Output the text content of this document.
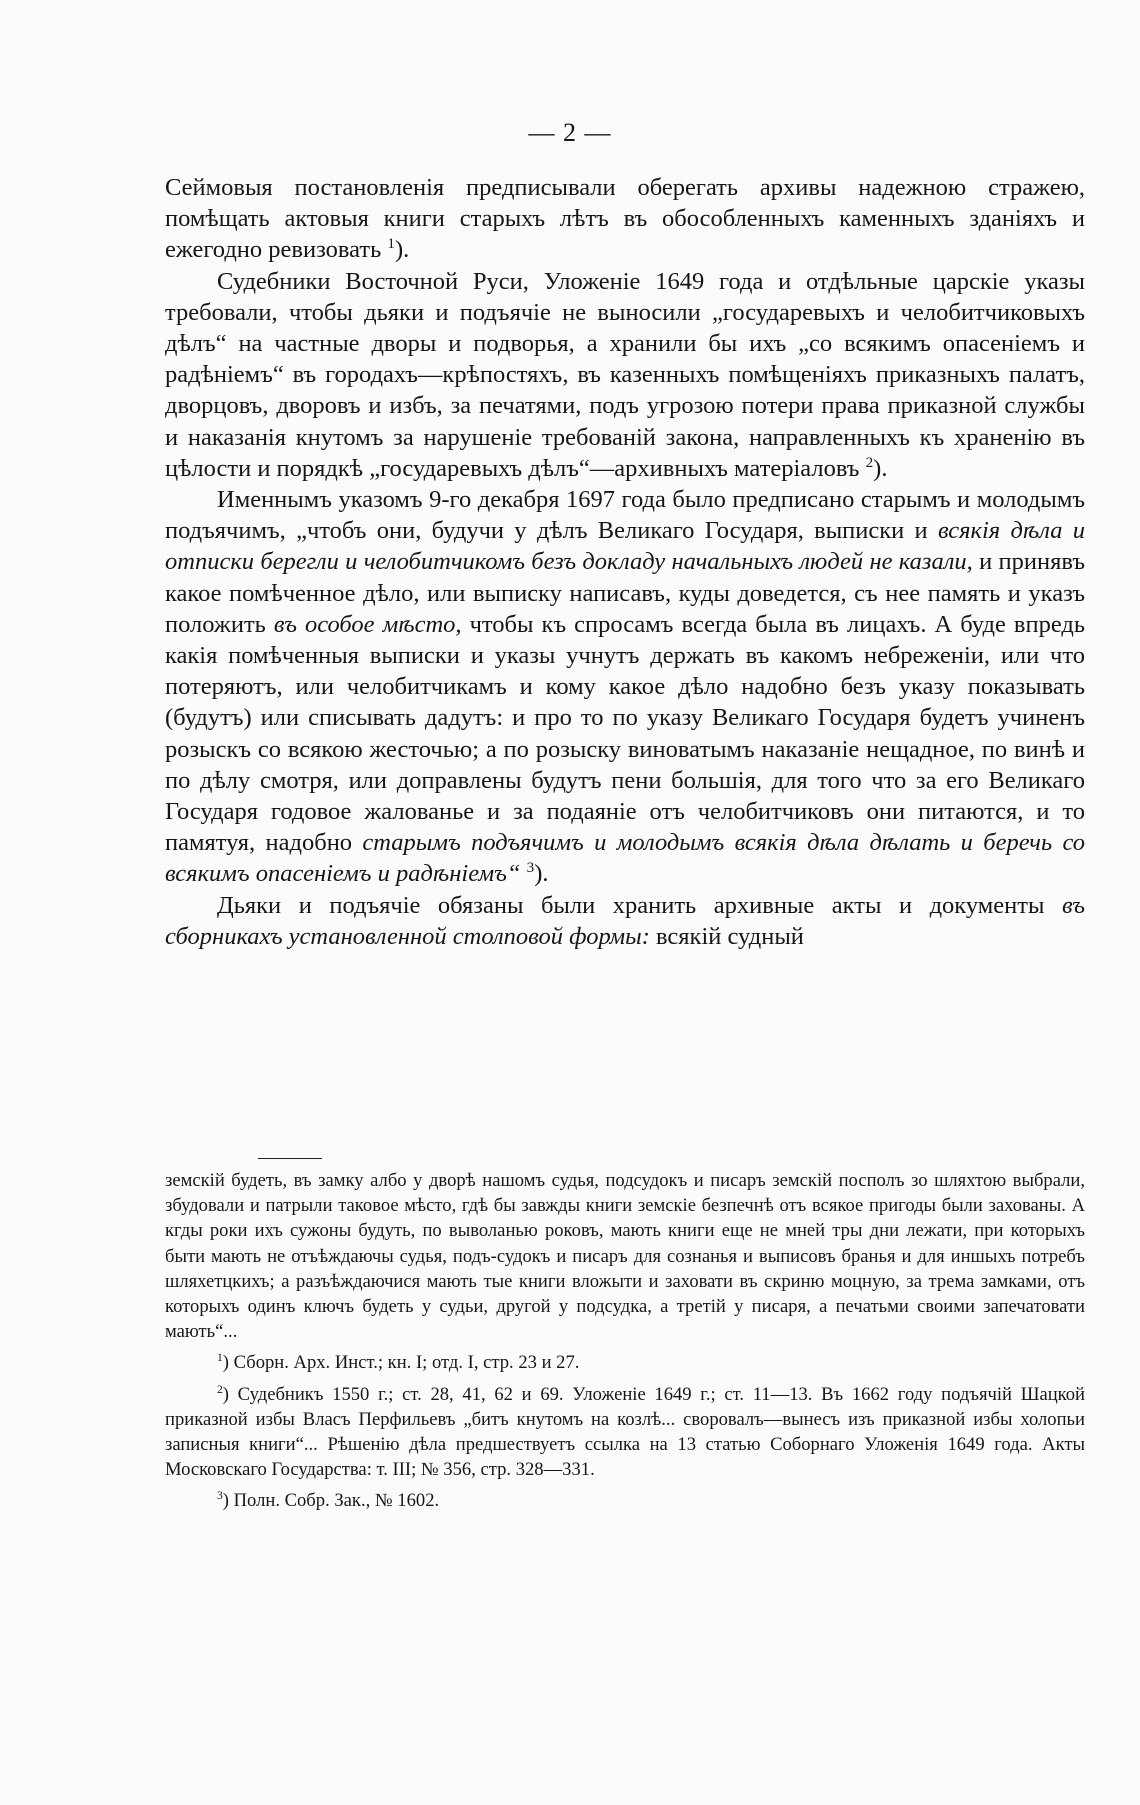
— 2 —

Сеймовыя постановленія предписывали оберегать архивы надежною стражею, помѣщать актовыя книги старыхъ лѣтъ въ обособленныхъ каменныхъ зданіяхъ и ежегодно ревизовать $^1$).

Судебники Восточной Руси, Уложеніе 1649 года и отдѣльные царскіе указы требовали, чтобы дьяки и подъячіе не выносили „государевыхъ и челобитчиковыхъ дѣлъ“ на частные дворы и подворья, а хранили бы ихъ „со всякимъ опасеніемъ и радѣніемъ“ въ городахъ—крѣпостяхъ, въ казенныхъ помѣщеніяхъ приказныхъ палатъ, дворцовъ, дворовъ и избъ, за печатями, подъ угрозою потери права приказной службы и наказанія кнутомъ за нарушеніе требованій закона, направленныхъ къ храненію въ цѣлости и порядкѣ „государевыхъ дѣлъ“—архивныхъ матеріаловъ $^2$).

Именнымъ указомъ 9-го декабря 1697 года было предписано старымъ и молодымъ подъячимъ, „чтобъ они, будучи у дѣлъ Великаго Государя, выписки и всякія дѣла и отписки берегли и челобитчикомъ безъ докладу начальныхъ людей не казали, и принявъ какое помѣченное дѣло, или выписку написавъ, куды доведется, съ нее память и указъ положить въ особое мѣсто, чтобы къ спросамъ всегда была въ лицахъ. А буде впредь какія помѣченныя выписки и указы учнутъ держать въ какомъ небреженіи, или что потеряютъ, или челобитчикамъ и кому какое дѣло надобно безъ указу показывать (будутъ) или списывать дадутъ: и про то по указу Великаго Государя будетъ учиненъ розыскъ со всякою жесточью; а по розыску виноватымъ наказаніе нещадное, по винѣ и по дѣлу смотря, или доправлены будутъ пени большія, для того что за его Великаго Государя годовое жалованье и за подаяніе отъ челобитчиковъ они питаются, и то памятуя, надобно старымъ подъячимъ и молодымъ всякія дѣла дѣлать и беречь со всякимъ опасеніемъ и радѣніемъ“ $^3$).

Дьяки и подъячіе обязаны были хранить архивные акты и документы въ сборникахъ установленной столповой формы: всякій судный

земскій будеть, въ замку албо у дворѣ нашомъ судья, подсудокъ и писаръ земскій посполъ зо шляхтою выбрали, збудовали и патрыли таковое мѣсто, гдѣ бы завжды книги земскіе безпечнѣ отъ всякое пригоды были захованы. А кгды роки ихъ сужоны будуть, по выволанью роковъ, мають книги еще не мней тры дни лежати, при которыхъ быти мають не отъѣждаючы судья, подъ-судокъ и писаръ для сознанья и выписовъ бранья и для иншыхъ потребъ шляхетцкихъ; а разъѣждаючися мають тые книги вложыти и заховати въ скриню моцную, за трема замками, отъ которыхъ одинъ ключъ будеть у судьи, другой у подсудка, а третій у писаря, а печатьми своими запечатовати мають“...

$^1$) Сборн. Арх. Инст.; кн. I; отд. I, стр. 23 и 27.

$^2$) Судебникъ 1550 г.; ст. 28, 41, 62 и 69. Уложеніе 1649 г.; ст. 11—13. Въ 1662 году подъячій Шацкой приказной избы Власъ Перфильевъ „битъ кнутомъ на козлѣ... своровалъ—вынесъ изъ приказной избы холопьи записныя книги“... Рѣшенію дѣла предшествуетъ ссылка на 13 статью Соборнаго Уложенія 1649 года. Акты Московскаго Государства: т. III; № 356, стр. 328—331.

$^3$) Полн. Собр. Зак., № 1602.
